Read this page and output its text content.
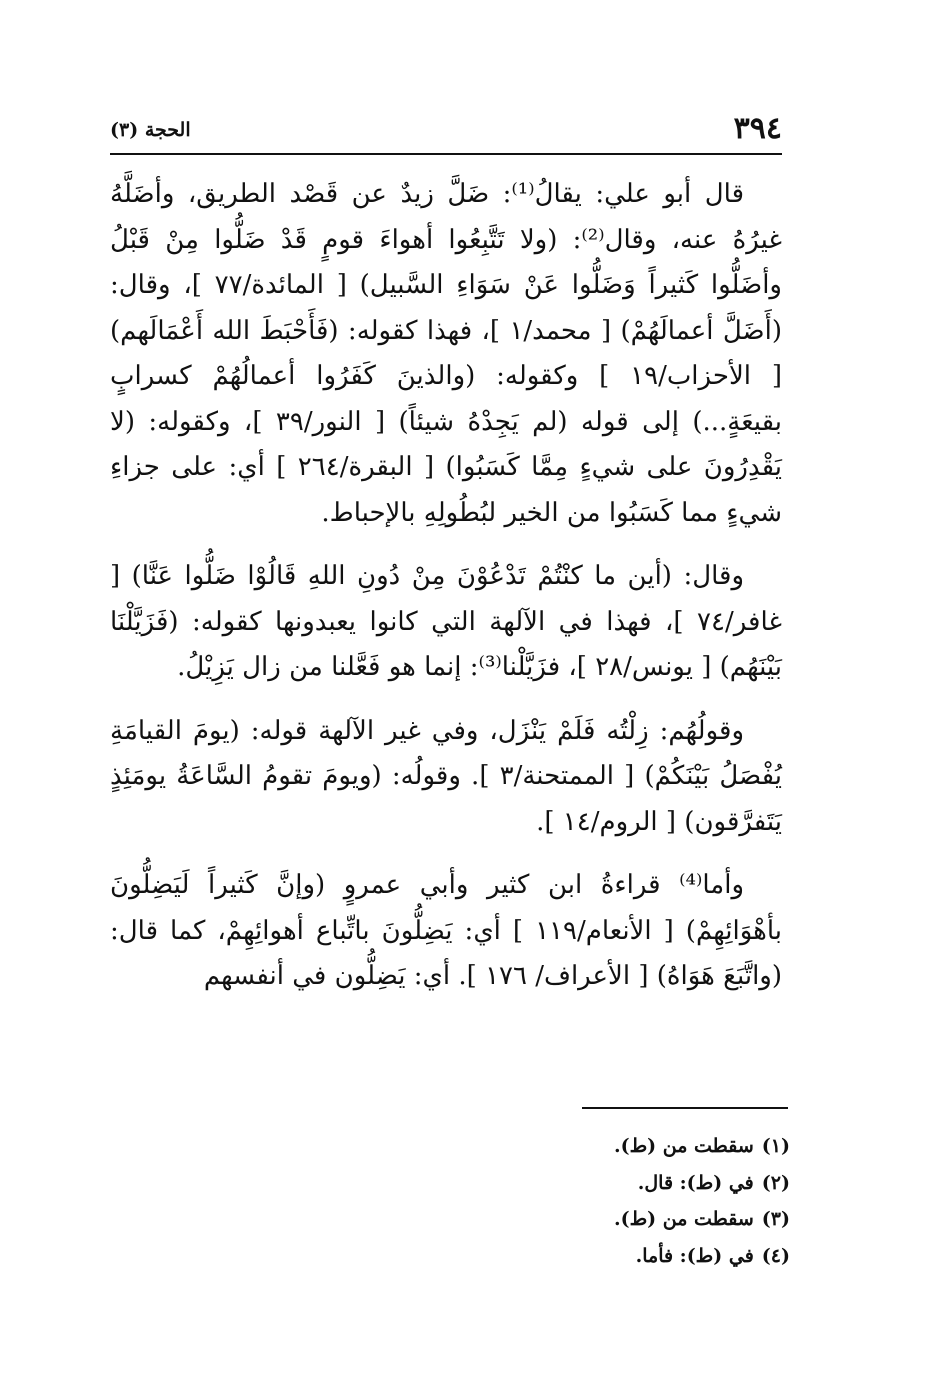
٣٩٤
الحجة (٣)

قال أبو علي: يقالُ⁽¹⁾: ضَلَّ زيدٌ عن قَصْد الطريق، وأضَلَّهُ غيرُهُ عنه، وقال⁽²⁾: (ولا تَتَّبِعُوا أهواءَ قومٍ قَدْ ضَلُّوا مِنْ قَبْلُ وأضَلُّوا كَثيراً وَضَلُّوا عَنْ سَوَاءِ السَّبيل) [ المائدة/٧٧ ]، وقال: (أَضَلَّ أعمالَهُمْ) [ محمد/١ ]، فهذا كقوله: (فَأَحْبَطَ الله أَعْمَالَهم) [ الأحزاب/١٩ ] وكقوله: (والذينَ كَفَرُوا أعمالُهُمْ كسرابٍ بقيعَةٍ...) إلى قوله (لم يَجِدْهُ شيئاً) [ النور/٣٩ ]، وكقوله: (لا يَقْدِرُونَ على شيءٍ مِمَّا كَسَبُوا) [ البقرة/٢٦٤ ] أي: على جزاءِ شيءٍ مما كَسَبُوا من الخير لبُطُولِهِ بالإحباط.

وقال: (أين ما كنْتُمْ تَدْعُوْنَ مِنْ دُونِ اللهِ قَالُوْا ضَلُّوا عَنَّا) [ غافر/٧٤ ]، فهذا في الآلهة التي كانوا يعبدونها كقوله: (فَزَيَّلْنَا بَيْنَهُم) [ يونس/٢٨ ]، فزَيَّلْنا⁽³⁾: إنما هو فَعَّلنا من زال يَزِيْلُ.

وقولُهُم: زِلْتُه فَلَمْ يَنْزَل، وفي غير الآلهة قوله: (يومَ القيامَةِ يُفْصَلُ بَيْنَكُمْ) [ الممتحنة/٣ ]. وقولُه: (ويومَ تقومُ السَّاعَةُ يومَئِذٍ يَتَفرَّقون) [ الروم/١٤ ].

وأما⁽⁴⁾ قراءةُ ابن كثير وأبي عمروٍ (وإنَّ كَثيراً لَيَضِلُّونَ بأهْوَائِهِمْ) [ الأنعام/١١٩ ] أي: يَضِلُّونَ باتِّباع أهوائِهِمْ، كما قال: (واتَّبَعَ هَوَاهُ) [ الأعراف/ ١٧٦ ]. أي: يَضِلُّون في أنفسهم

(١)سقطت من (ط).
(٢)في (ط): قال.
(٣)سقطت من (ط).
(٤)في (ط): فأما.
